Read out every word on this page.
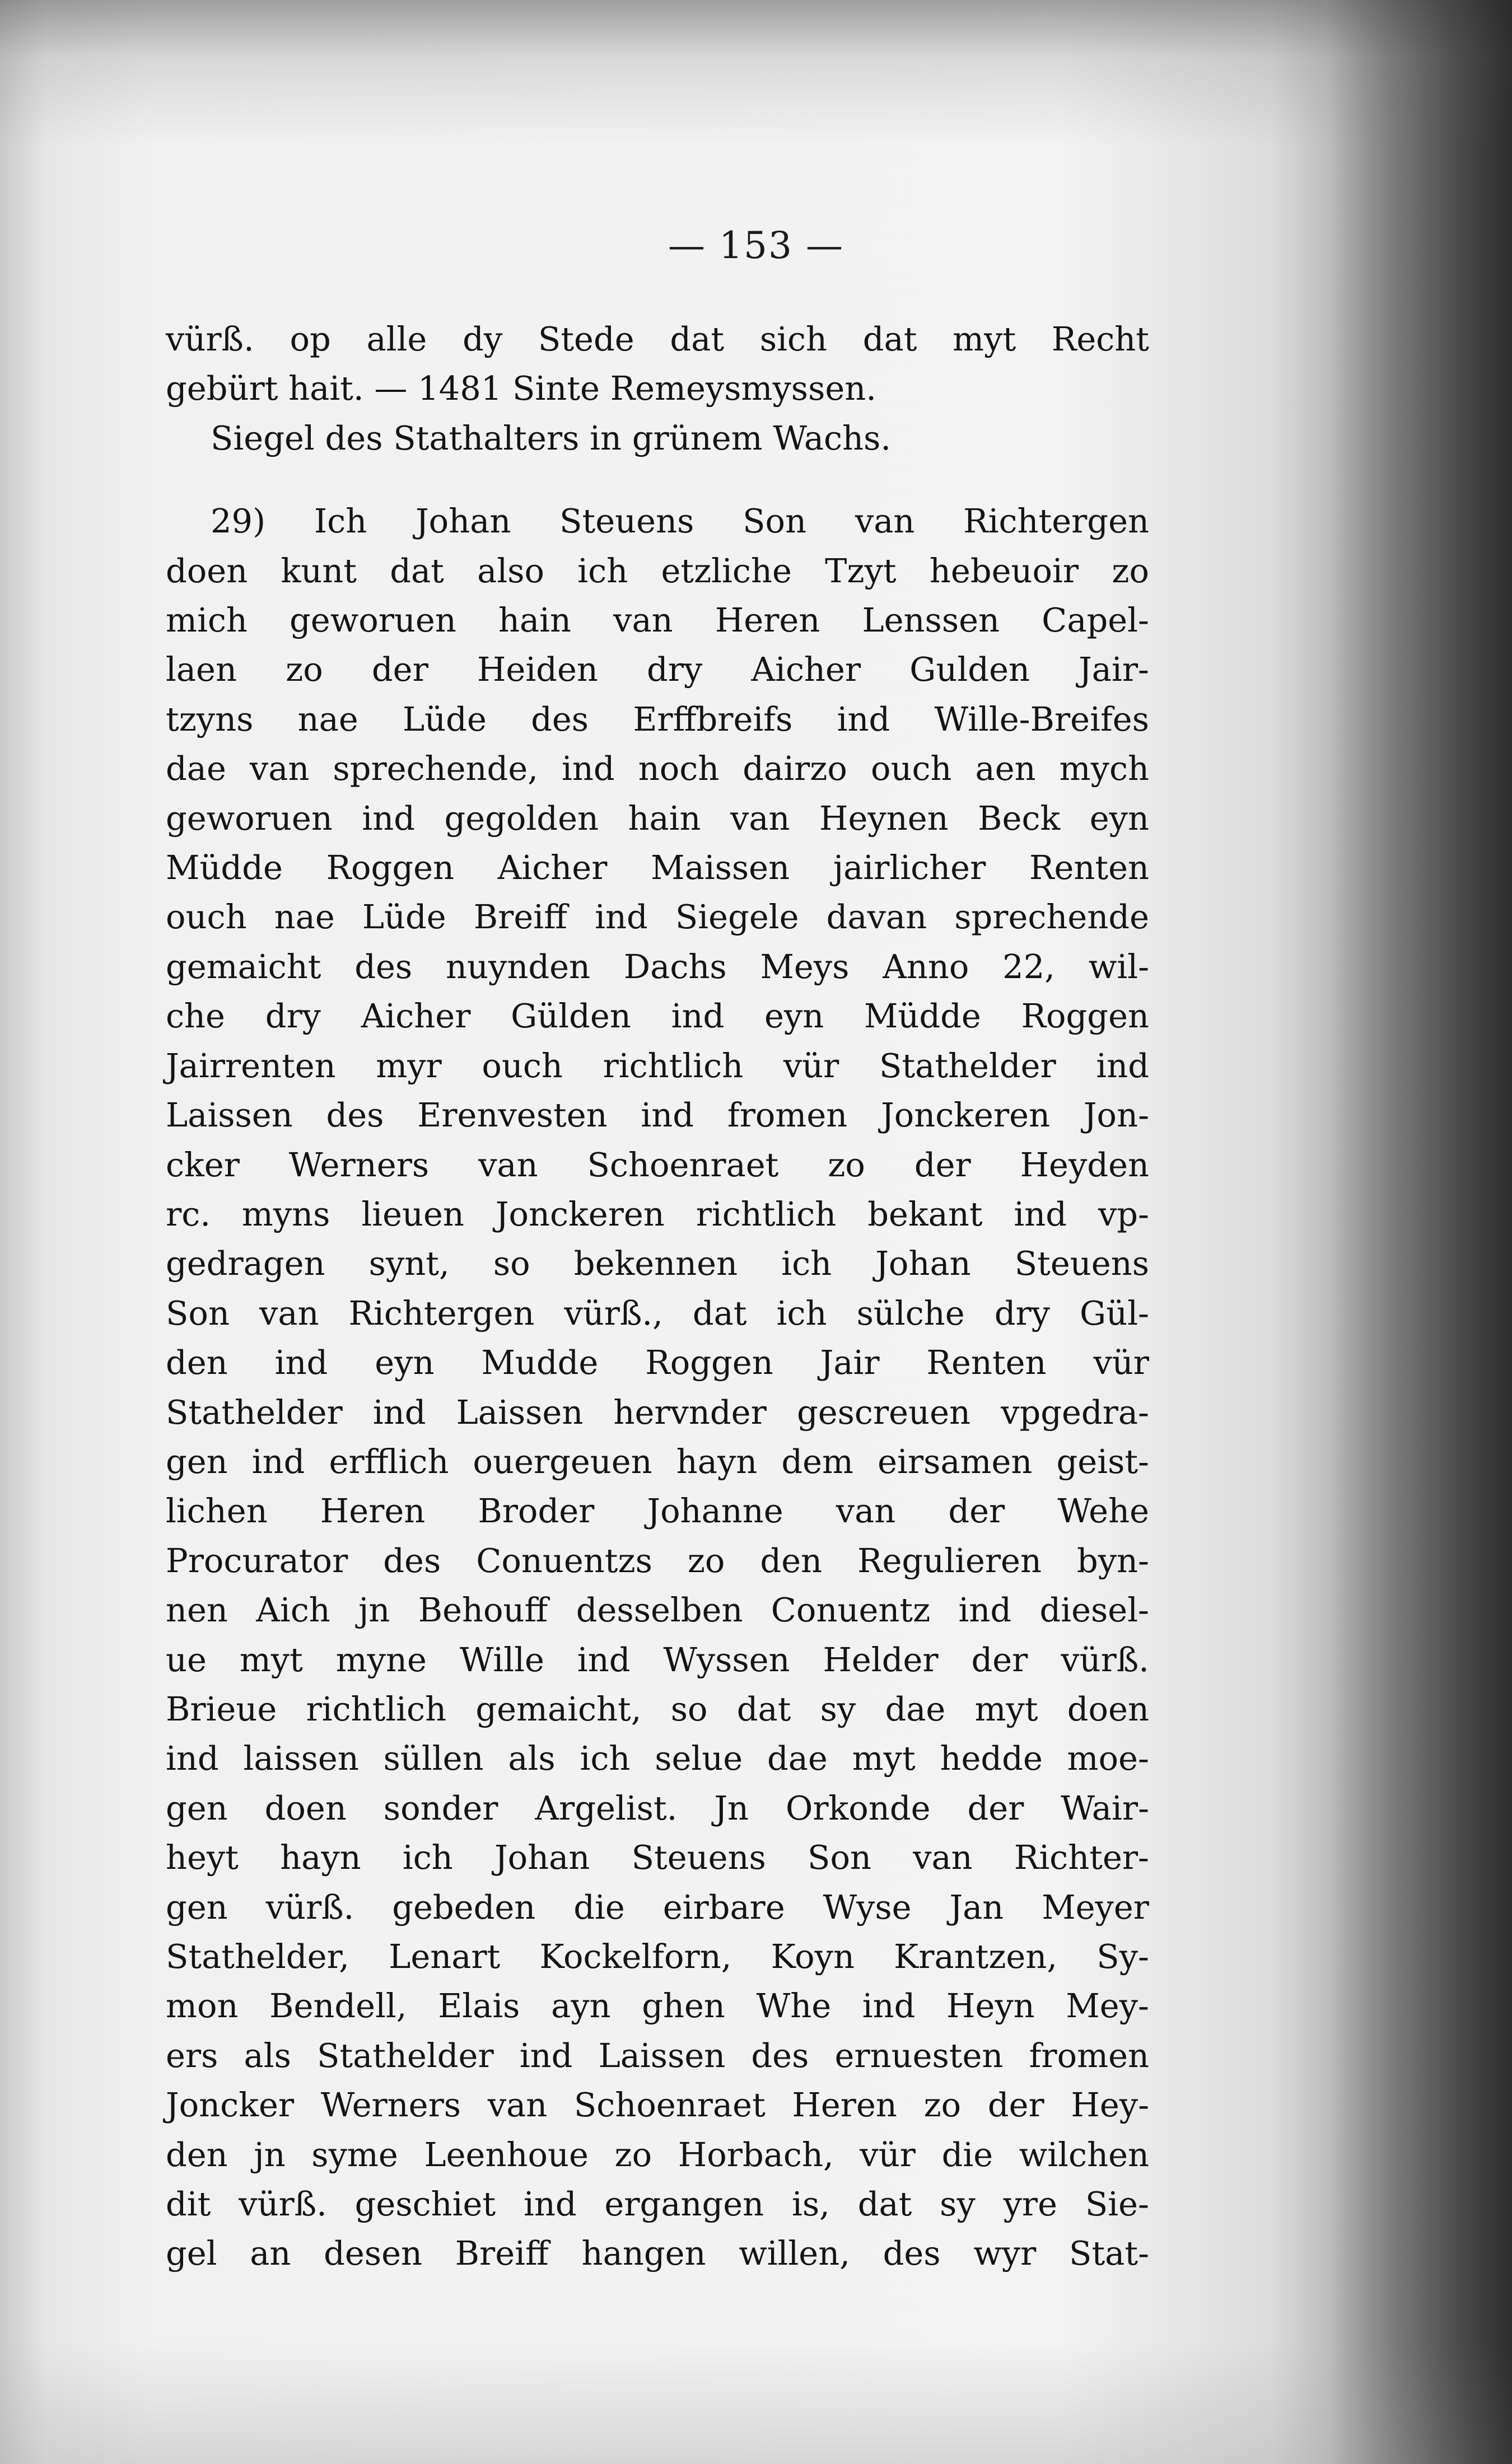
— 153 —
vürß. op alle dy Stede dat sich dat myt Recht
gebürt hait. — 1481 Sinte Remeysmyssen.
Siegel des Stathalters in grünem Wachs.
29) Ich Johan Steuens Son van Richtergen
doen kunt dat also ich etzliche Tzyt hebeuoir zo
mich geworuen hain van Heren Lenssen Capel-
laen zo der Heiden dry Aicher Gulden Jair-
tzyns nae Lüde des Erffbreifs ind Wille-Breifes
dae van sprechende, ind noch dairzo ouch aen mych
geworuen ind gegolden hain van Heynen Beck eyn
Müdde Roggen Aicher Maissen jairlicher Renten
ouch nae Lüde Breiff ind Siegele davan sprechende
gemaicht des nuynden Dachs Meys Anno 22, wil-
che dry Aicher Gülden ind eyn Müdde Roggen
Jairrenten myr ouch richtlich vür Stathelder ind
Laissen des Erenvesten ind fromen Jonckeren Jon-
cker Werners van Schoenraet zo der Heyden
rc. myns lieuen Jonckeren richtlich bekant ind vp-
gedragen synt, so bekennen ich Johan Steuens
Son van Richtergen vürß., dat ich sülche dry Gül-
den ind eyn Mudde Roggen Jair Renten vür
Stathelder ind Laissen hervnder gescreuen vpgedra-
gen ind erfflich ouergeuen hayn dem eirsamen geist-
lichen Heren Broder Johanne van der Wehe
Procurator des Conuentzs zo den Regulieren byn-
nen Aich jn Behouff desselben Conuentz ind diesel-
ue myt myne Wille ind Wyssen Helder der vürß.
Brieue richtlich gemaicht, so dat sy dae myt doen
ind laissen süllen als ich selue dae myt hedde moe-
gen doen sonder Argelist. Jn Orkonde der Wair-
heyt hayn ich Johan Steuens Son van Richter-
gen vürß. gebeden die eirbare Wyse Jan Meyer
Stathelder, Lenart Kockelforn, Koyn Krantzen, Sy-
mon Bendell, Elais ayn ghen Whe ind Heyn Mey-
ers als Stathelder ind Laissen des ernuesten fromen
Joncker Werners van Schoenraet Heren zo der Hey-
den jn syme Leenhoue zo Horbach, vür die wilchen
dit vürß. geschiet ind ergangen is, dat sy yre Sie-
gel an desen Breiff hangen willen, des wyr Stat-
